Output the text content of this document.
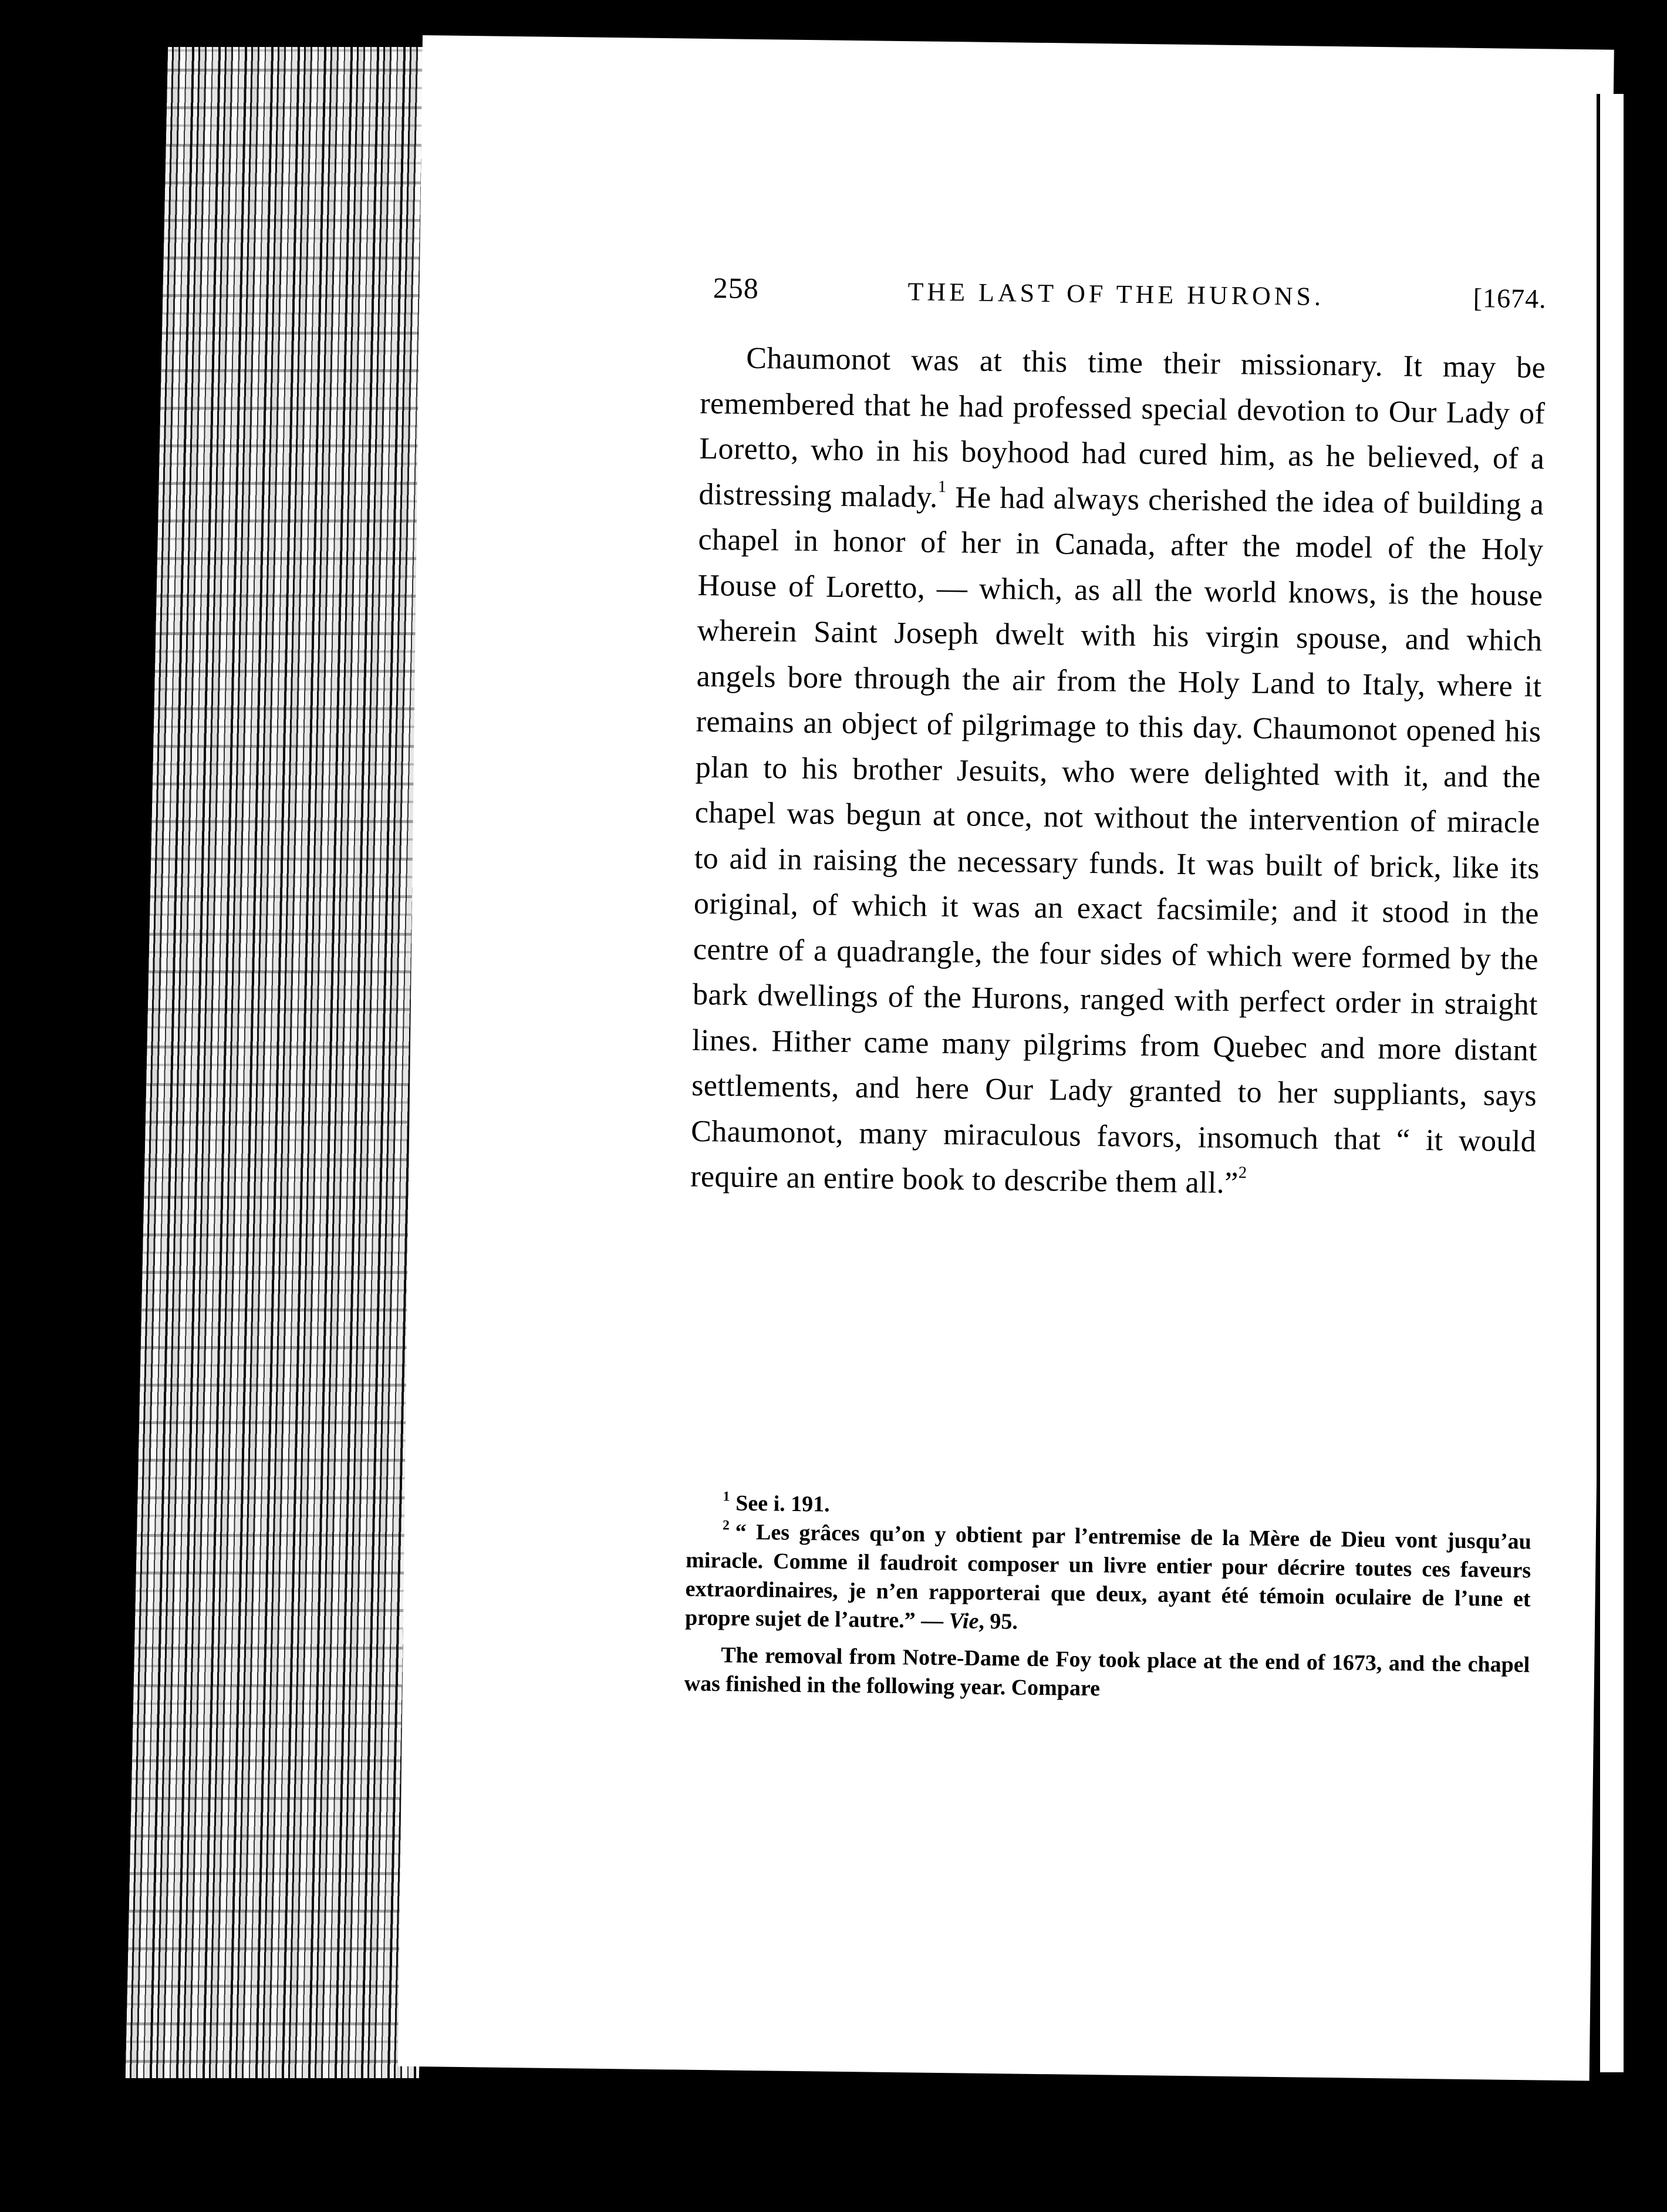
258	THE LAST OF THE HURONS.	[1674.

Chaumonot was at this time their missionary. It may be remembered that he had professed special devotion to Our Lady of Loretto, who in his boyhood had cured him, as he believed, of a distressing malady.$^1$ He had always cherished the idea of building a chapel in honor of her in Canada, after the model of the Holy House of Loretto, — which, as all the world knows, is the house wherein Saint Joseph dwelt with his virgin spouse, and which angels bore through the air from the Holy Land to Italy, where it remains an object of pilgrimage to this day. Chaumonot opened his plan to his brother Jesuits, who were delighted with it, and the chapel was begun at once, not without the intervention of miracle to aid in raising the necessary funds. It was built of brick, like its original, of which it was an exact facsimile; and it stood in the centre of a quadrangle, the four sides of which were formed by the bark dwellings of the Hurons, ranged with perfect order in straight lines. Hither came many pilgrims from Quebec and more distant settlements, and here Our Lady granted to her suppliants, says Chaumonot, many miraculous favors, insomuch that “ it would require an entire book to describe them all.”$^2$

$^1$ See i. 191.

$^2$ “ Les grâces qu’on y obtient par l’entremise de la Mère de Dieu vont jusqu’au miracle. Comme il faudroit composer un livre entier pour décrire toutes ces faveurs extraordinaires, je n’en rapporterai que deux, ayant été témoin oculaire de l’une et propre sujet de l’autre.” — Vie, 95.

The removal from Notre-Dame de Foy took place at the end of 1673, and the chapel was finished in the following year. Compare
